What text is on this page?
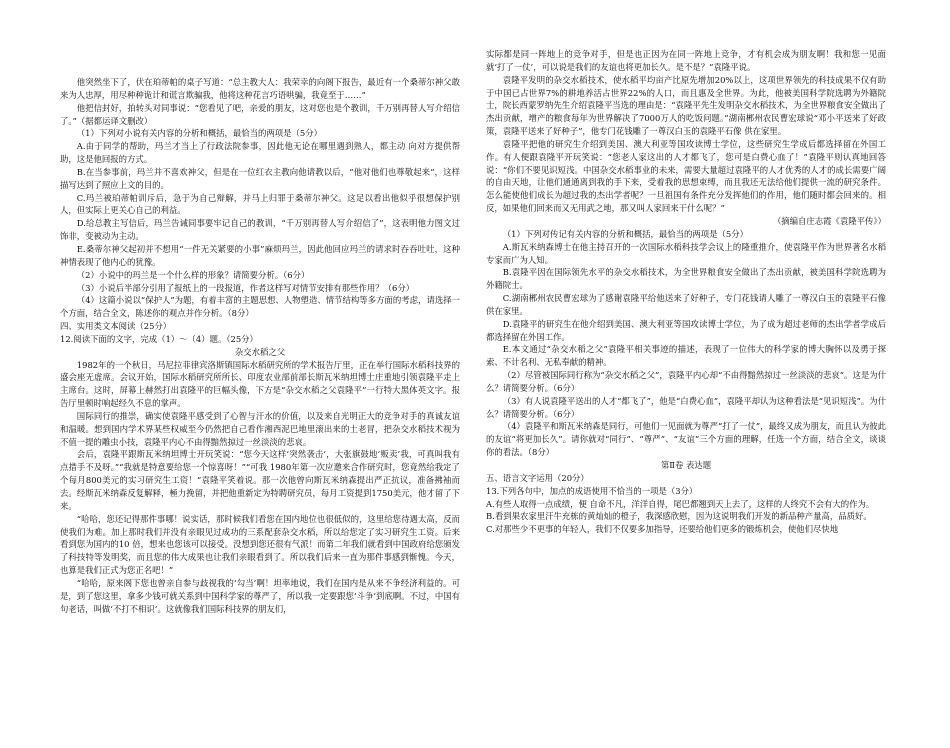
他突然坐下了，伏在珀蒂帕的桌子写道：“总主教大人：我荣幸的向阁下报告，最近有一个桑蒂尔神父敢来为人忠厚，用尽种种诡计和谎言欺骗我，他将这种花言巧语哄骗，我竟至于……”

他把信封好，拍转头对同事说：“您看见了吧，亲爱的朋友，这对您也是个教训，千万别再替人写介绍信了。”（据都运译文删改）

（1）下列对小说有关内容的分析和概括，最恰当的两项是（5分）

A.由于同学的帮助，玛兰才当上了行政法院参事，因此他无论在哪里遇到熟人，都主动 向对方提供帮助，这是他回报的方式。

B.在当参事前，玛兰并不喜欢神父，但是在一位红衣主教向他请教以后，“他对他们也尊敬起来”，这样描写达到了照应上文的目的。

C.玛兰被珀蒂帕训斥后，急于为自己辩解，并马上归罪于桑蒂尔神父。这足以看出他似乎很想保护别人，但实际上更关心自己的利益。

D.给总教主写信后，玛兰告诫同事要牢记自己的教训，“千万别再替人写介绍信了”，这表明他力图文过饰非，变被动为主动。

E.桑蒂尔神父起初并不想用“一件无关紧要的小事”麻烦玛兰，因此他回应玛兰的请求时吞吞吐吐，这种神情表现了他内心的犹豫。

（2）小说中的玛兰是一个什么样的形象？请简要分析。（6分）

（3）小说后半部分引用了报纸上的一段报道，作者这样写对情节安排有那些作用？（6分）

（4）这篇小说以“保护人”为题，有着丰富的主题思想、人物塑造、情节结构等多方面的考虑，请选择一个方面，结合全文，陈述你的观点并作分析。（8分）

四、实用类文本阅读（25分）

12.阅读下面的文字，完成（1）～（4）题。（25分）

杂交水稻之父

1982年的一个秋日，马尼拉菲律宾洛斯镇国际水稻研究所的学术报告厅里，正在举行国际水稻科技界的盛会座无虚席。会议开始，国际水稻研究所所长、印度农业部前部长斯瓦米纳坦博士庄重地引领袁隆平走上主席台。这时，屏幕上赫然打出袁隆平的巨幅头像，下方是“杂交水稻之父袁隆平”一行特大黑体英文字。报告厅里顿时响起经久不息的掌声。

国际同行的推崇，确实使袁隆平感受到了心智与汗水的价值，以及来自光明正大的竞争对手的真诚友谊和温暖。想到国内学术界某些权威至今仍然把自己看作湘西泥巴地里滚出来的土老冒，把杂交水稻技术视为不值一提的雕虫小技，袁隆平内心不由得黯然掠过一丝淡淡的悲哀。

会后，袁隆平跟斯瓦米纳坦博士开玩笑说：“您今天这样‘突然袭击’，大张旗鼓地‘贩卖’我，可真叫我有点措手不及呀。”“我就是特意要给您一个惊喜呀！”“可我 1980年第一次应邀来合作研究时，您竟然给我定了个每月800美元的实习研究生工资！”袁隆平笑着说。那一次他曾向斯瓦米纳森提出严正抗议，准备拂袖而去。经斯瓦米纳森反复解释，極力挽留，并把他重新定为特聘研究员，每月工资提到1750美元，他才留了下来。

“哈哈，您还记得那件事哪！说实话，那时候我们看您在国内地位也很低似的，这里给您待遇太高，反而使我们为难。加上那时我们并没有亲眼见过成功的三系配套杂交水稻，所以给您定了实习研究生工资。后来看到您为国内的10 倍，想来也您该可以接受。没想到您还很有气派！而第二年我们就看到中国政府给您颁发了科技特等发明奖，而且您的伟大成果也让我们亲眼看到了。所以我们后来一直为那件事感到惭愧。今天，也算是我们正式为您正名吧！”

“哈哈，原来阁下您也曾亲自参与歧视我的‘勾当’啊！坦率地说，我们在国内是从来不争经济利益的。可是，到了您这里，拿多少钱可就关系到中国科学家的尊严了，所以我一定要跟您‘斗争’到底啊。不过，中国有句老话，叫做‘不打不相识’。这就像我们国际科技界的朋友们，

实际都是同一阵地上的竞争对手，但是也正因为在同一阵地上竞争，才有机会成为朋友啊！我和您一见面就‘打了一仗’，可以说是我们的友谊也将更加长久。是不是？”袁隆平说。

袁隆平发明的杂交水稻技术，使水稻平均亩产比原先增加20%以上，这项世界领先的科技成果不仅有助于中国已占世界7%的耕地养活占世界22%的人口，而且惠及全世界。为此，他被美国科学院选聘为外籍院士，院长西蒙罗纳先生介绍袁隆平当选的理由是：“袁隆平先生发明杂交水稻技术，为全世界粮食安全做出了杰出贡献，增产的粮食每年为世界解决了7000万人的吃饭问题。”湖南郴州农民曹宏球说“邓小平送来了好政策，袁隆平送来了好种子”，他专门花钱雕了一尊汉白玉的袁隆平石像 供在家里。

袁隆平把他的研究生介绍到美国、澳大利亚等国攻读博士学位，这些研究生学成后都选择留在外国工作。有人便跟袁隆平开玩笑说：“您老人家这出的人才都飞了，您可是白费心血了！”袁隆平则认真地回答说：“你们不要见识短浅。中国杂交水稻事业的未来，需要大量超过袁隆平的人才优秀的人才的成长需要广阔的自由天地，让他们通通离到我的手下来，受着我的思想束缚，而且我还无法给他们提供一流的研究条件。怎么能使他们成长为超过我的杰出学者呢？一旦祖国有条件充分发挥他们的作用，他们随时都会回来的。相反，如果他们回来而又无用武之地，那又叫人家回来干什么呢？”

（摘编自庄志霞《袁隆平传》）

（1）下列对传记有关内容的分析和概括，最恰当的两项是（5分）

A.斯瓦米纳森博士在他主持召开的一次国际水稻科技学会议上的隆重推介，使袁隆平作为世界著名水稻专家而广为人知。

B.袁隆平因在国际领先水平的杂交水稻技术，为全世界粮食安全做出了杰出贡献，被美国科学院选聘为外籍院士。

C.湖南郴州农民曹宏球为了感谢袁隆平给他送来了好种子，专门花钱请人雕了一尊汉白玉的袁隆平石像供在家里。

D.袁隆平的研究生在他介绍到美国、澳大利亚等国攻读博士学位，为了成为超过老师的杰出学者学成后都选择留在外国工作。

E.本文通过“杂交水稻之父”袁隆平相关事迹的描述，表现了一位伟大的科学家的博大胸怀以及勇于探索、不计名利、无私奉献的精神。

（2）尽管被国际同行称为“杂交水稻之父”，袁隆平内心却“不由得黯然掠过一丝淡淡的悲哀”。这是为什么？请简要分析。（6分）

（3）有人说袁隆平送出的人才“都飞了”，他是“白费心血”，袁隆平却认为这种看法是“见识短浅”。为什么？请简要分析。（6分）

（4）袁隆平和斯瓦米纳森是同行，可他们一见面就为尊严“打了一仗”，最终又成为朋友，而且认为彼此的友谊“将更加长久”。请你就对“同行”、“尊严”、“友谊”三个方面的理解，任选一个方面，结合全文，谈谈你的看法。（8分）

第Ⅱ卷 表达题

五、语言文字运用（20分）

13.下列各句中，加点的成语使用不恰当的一项是（3分）

A.有些人取得一点成绩，便 自命不凡，洋洋自得，尾巴都翘到天上去了，这样的人终究不会有大的作为。

B.看到果农家里汗牛充栋的黄灿灿的橙子，我深感欣慰，因为这说明我们开发的新品种产量高，品质好。

C.对那些少不更事的年轻人，我们不仅要多加指导，还要给他们更多的锻炼机会，使他们尽快地
